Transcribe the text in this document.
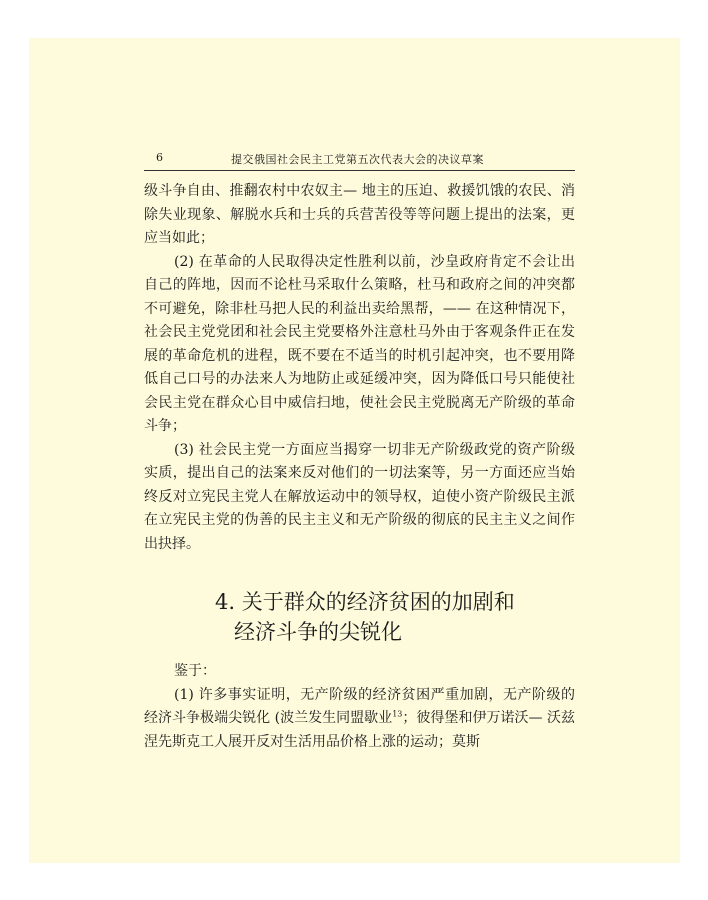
6	提交俄国社会民主工党第五次代表大会的决议草案

级斗争自由、推翻农村中农奴主— 地主的压迫、救援饥饿的农民、消除失业现象、解脱水兵和士兵的兵营苦役等等问题上提出的法案，更应当如此；

(2) 在革命的人民取得决定性胜利以前，沙皇政府肯定不会让出自己的阵地，因而不论杜马采取什么策略，杜马和政府之间的冲突都不可避免，除非杜马把人民的利益出卖给黑帮，—— 在这种情况下，社会民主党党团和社会民主党要格外注意杜马外由于客观条件正在发展的革命危机的进程，既不要在不适当的时机引起冲突，也不要用降低自己口号的办法来人为地防止或延缓冲突，因为降低口号只能使社会民主党在群众心目中威信扫地，使社会民主党脱离无产阶级的革命斗争；

(3) 社会民主党一方面应当揭穿一切非无产阶级政党的资产阶级实质，提出自己的法案来反对他们的一切法案等，另一方面还应当始终反对立宪民主党人在解放运动中的领导权，迫使小资产阶级民主派在立宪民主党的伪善的民主主义和无产阶级的彻底的民主主义之间作出抉择。

4. 关于群众的经济贫困的加剧和
经济斗争的尖锐化

鉴于：

(1) 许多事实证明，无产阶级的经济贫困严重加剧，无产阶级的经济斗争极端尖锐化 (波兰发生同盟歇业$^{13}$；彼得堡和伊万诺沃— 沃兹涅先斯克工人展开反对生活用品价格上涨的运动；莫斯
